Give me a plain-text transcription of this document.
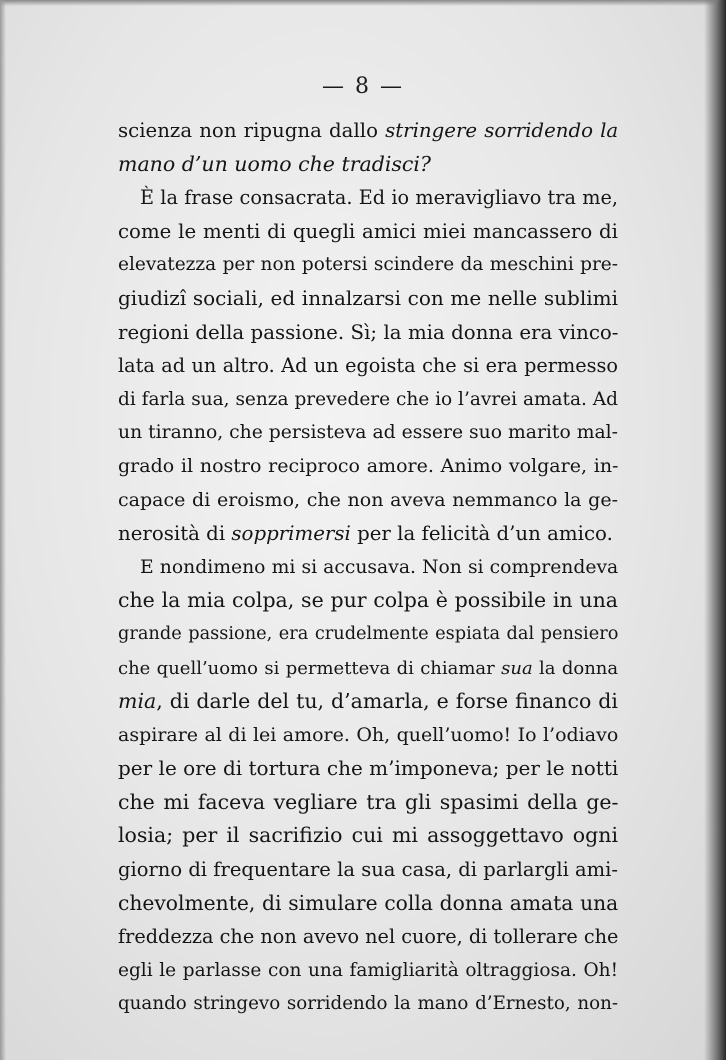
— 8 —
scienza non ripugna dallo stringere sorridendo la
mano d’un uomo che tradisci?
È la frase consacrata. Ed io meravigliavo tra me,
come le menti di quegli amici miei mancassero di
elevatezza per non potersi scindere da meschini pre-
giudizî sociali, ed innalzarsi con me nelle sublimi
regioni della passione. Sì; la mia donna era vinco-
lata ad un altro. Ad un egoista che si era permesso
di farla sua, senza prevedere che io l’avrei amata. Ad
un tiranno, che persisteva ad essere suo marito mal-
grado il nostro reciproco amore. Animo volgare, in-
capace di eroismo, che non aveva nemmanco la ge-
nerosità di sopprimersi per la felicità d’un amico.
E nondimeno mi si accusava. Non si comprendeva
che la mia colpa, se pur colpa è possibile in una
grande passione, era crudelmente espiata dal pensiero
che quell’uomo si permetteva di chiamar sua la donna
mia, di darle del tu, d’amarla, e forse financo di
aspirare al di lei amore. Oh, quell’uomo! Io l’odiavo
per le ore di tortura che m’imponeva; per le notti
che mi faceva vegliare tra gli spasimi della ge-
losia; per il sacrifizio cui mi assoggettavo ogni
giorno di frequentare la sua casa, di parlargli ami-
chevolmente, di simulare colla donna amata una
freddezza che non avevo nel cuore, di tollerare che
egli le parlasse con una famigliarità oltraggiosa. Oh!
quando stringevo sorridendo la mano d’Ernesto, non-
